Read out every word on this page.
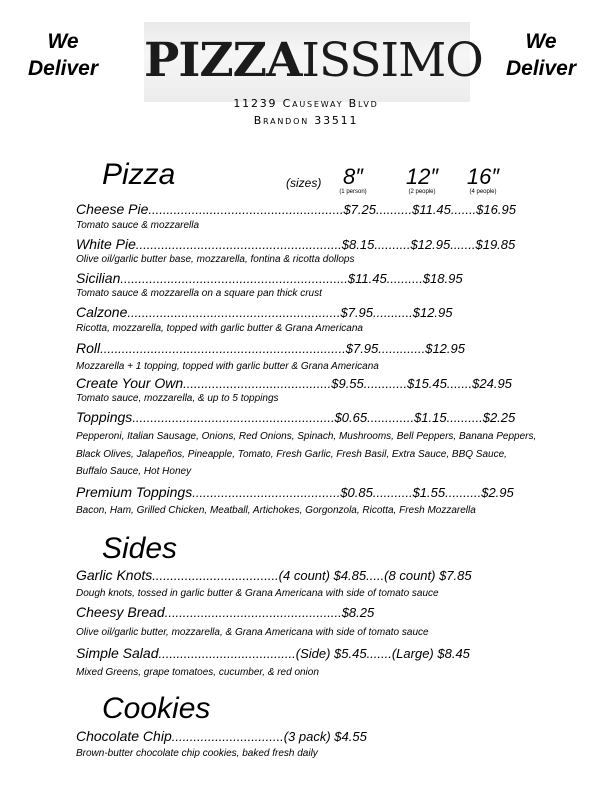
We
Deliver
We
Deliver
PIZZAISSIMO
11239 Causeway Blvd
Brandon 33511
Pizza	(sizes) 8″
(1 person)
12″
(2 people)
16″
(4 people)
Cheese Pie......................................................$7.25..........$11.45.......$16.95
Tomato sauce & mozzarella
White Pie.........................................................$8.15..........$12.95.......$19.85
Olive oil/garlic butter base, mozzarella, fontina & ricotta dollops
Sicilian...............................................................$11.45..........$18.95
Tomato sauce & mozzarella on a square pan thick crust
Calzone...........................................................$7.95...........$12.95
Ricotta, mozzarella, topped with garlic butter & Grana Americana
Roll....................................................................$7.95.............$12.95
Mozzarella + 1 topping, topped with garlic butter & Grana Americana
Create Your Own.........................................$9.55............$15.45.......$24.95
Tomato sauce, mozzarella, & up to 5 toppings
Toppings........................................................$0.65.............$1.15..........$2.25
Pepperoni, Italian Sausage, Onions, Red Onions, Spinach, Mushrooms, Bell Peppers, Banana Peppers,
Black Olives, Jalapeños, Pineapple, Tomato, Fresh Garlic, Fresh Basil, Extra Sauce, BBQ Sauce,
Buffalo Sauce, Hot Honey
Premium Toppings.........................................$0.85...........$1.55..........$2.95
Bacon, Ham, Grilled Chicken, Meatball, Artichokes, Gorgonzola, Ricotta, Fresh Mozzarella
Sides
Garlic Knots...................................(4 count) $4.85.....(8 count) $7.85
Dough knots, tossed in garlic butter & Grana Americana with side of tomato sauce
Cheesy Bread.................................................$8.25
Olive oil/garlic butter, mozzarella, & Grana Americana with side of tomato sauce
Simple Salad......................................(Side) $5.45.......(Large) $8.45
Mixed Greens, grape tomatoes, cucumber, & red onion
Cookies
Chocolate Chip...............................(3 pack) $4.55
Brown-butter chocolate chip cookies, baked fresh daily
